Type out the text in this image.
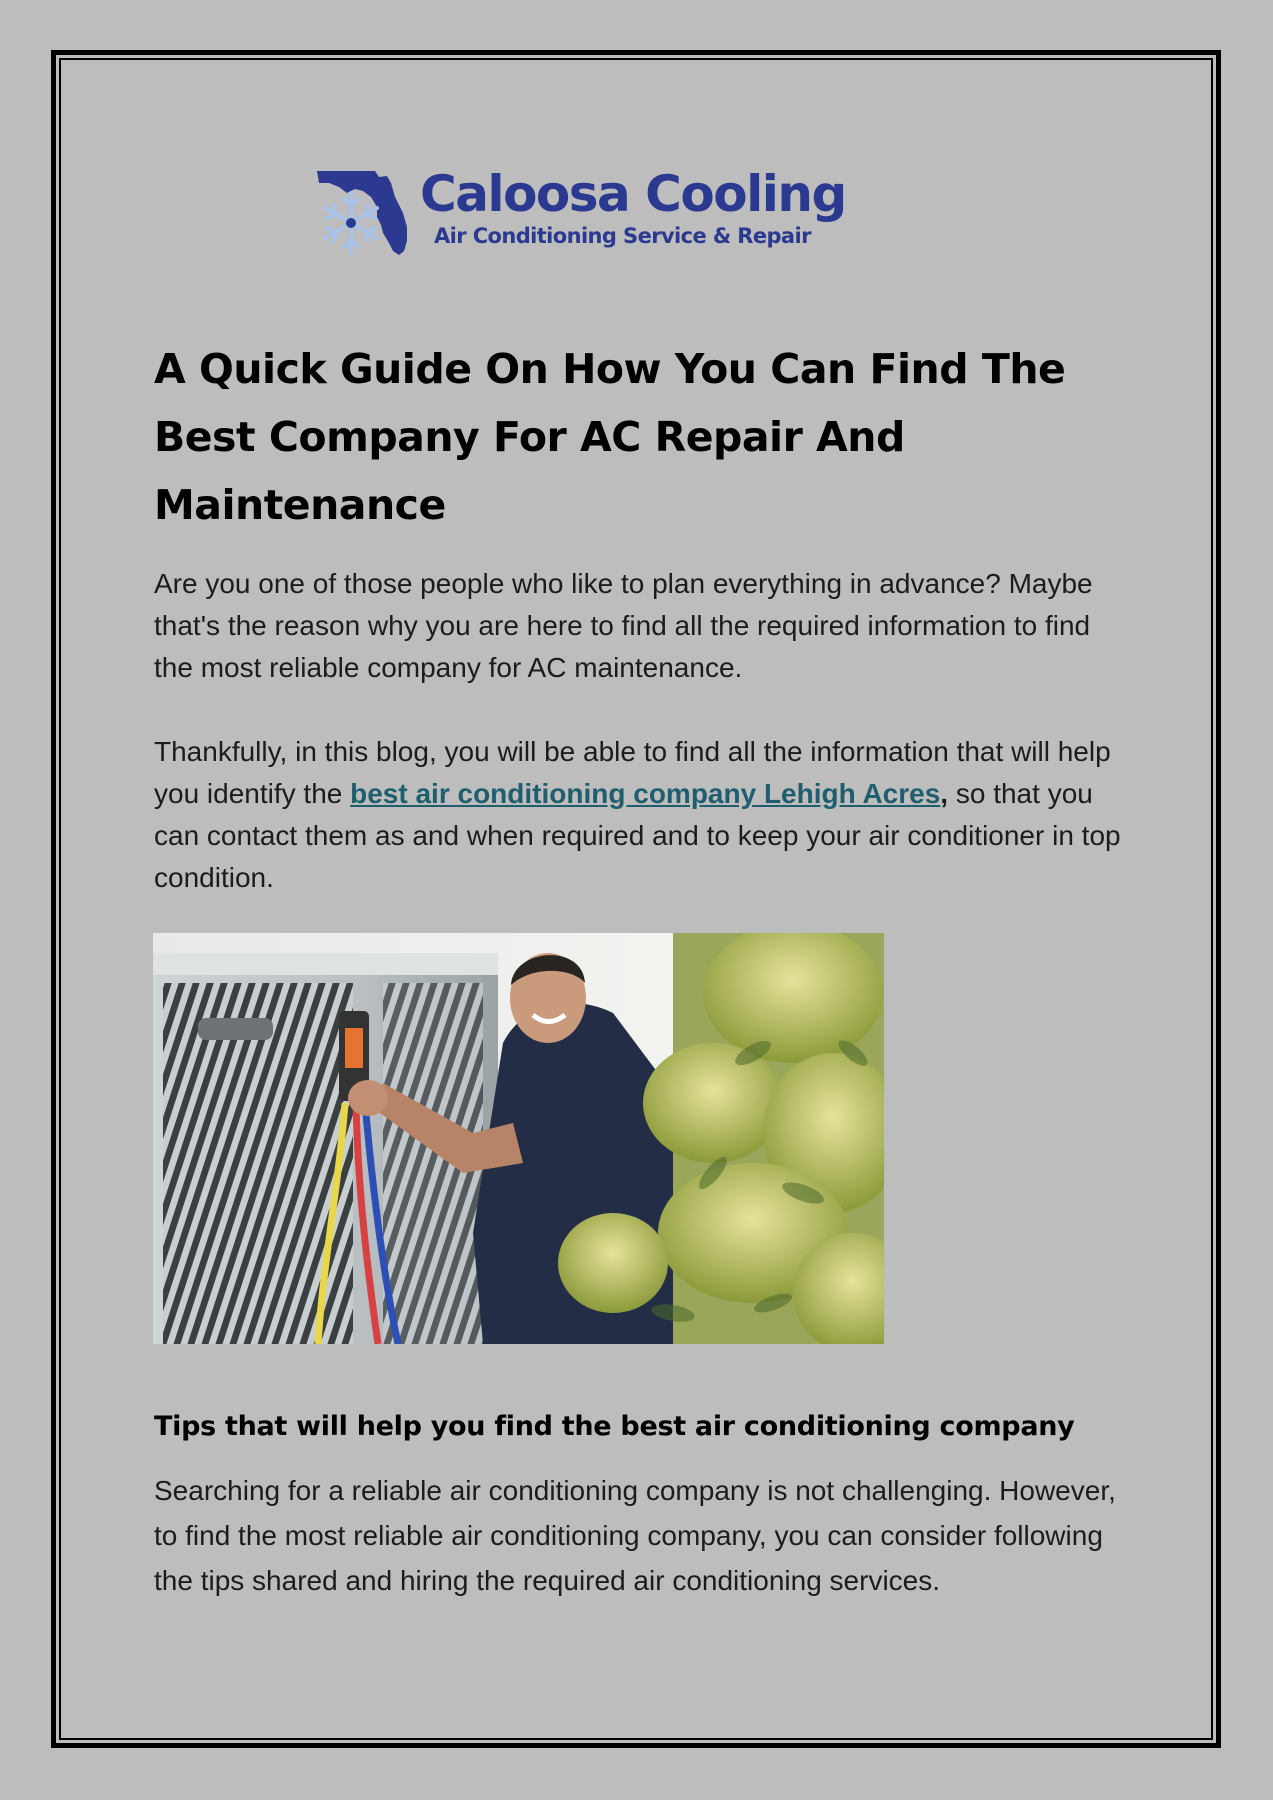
Caloosa Cooling
Air Conditioning Service & Repair
A Quick Guide On How You Can Find The Best Company For AC Repair And Maintenance

Are you one of those people who like to plan everything in advance? Maybe that's the reason why you are here to find all the required information to find the most reliable company for AC maintenance.

Thankfully, in this blog, you will be able to find all the information that will help you identify the best air conditioning company Lehigh Acres, so that you can contact them as and when required and to keep your air conditioner in top condition.

Tips that will help you find the best air conditioning company

Searching for a reliable air conditioning company is not challenging. However, to find the most reliable air conditioning company, you can consider following the tips shared and hiring the required air conditioning services.
